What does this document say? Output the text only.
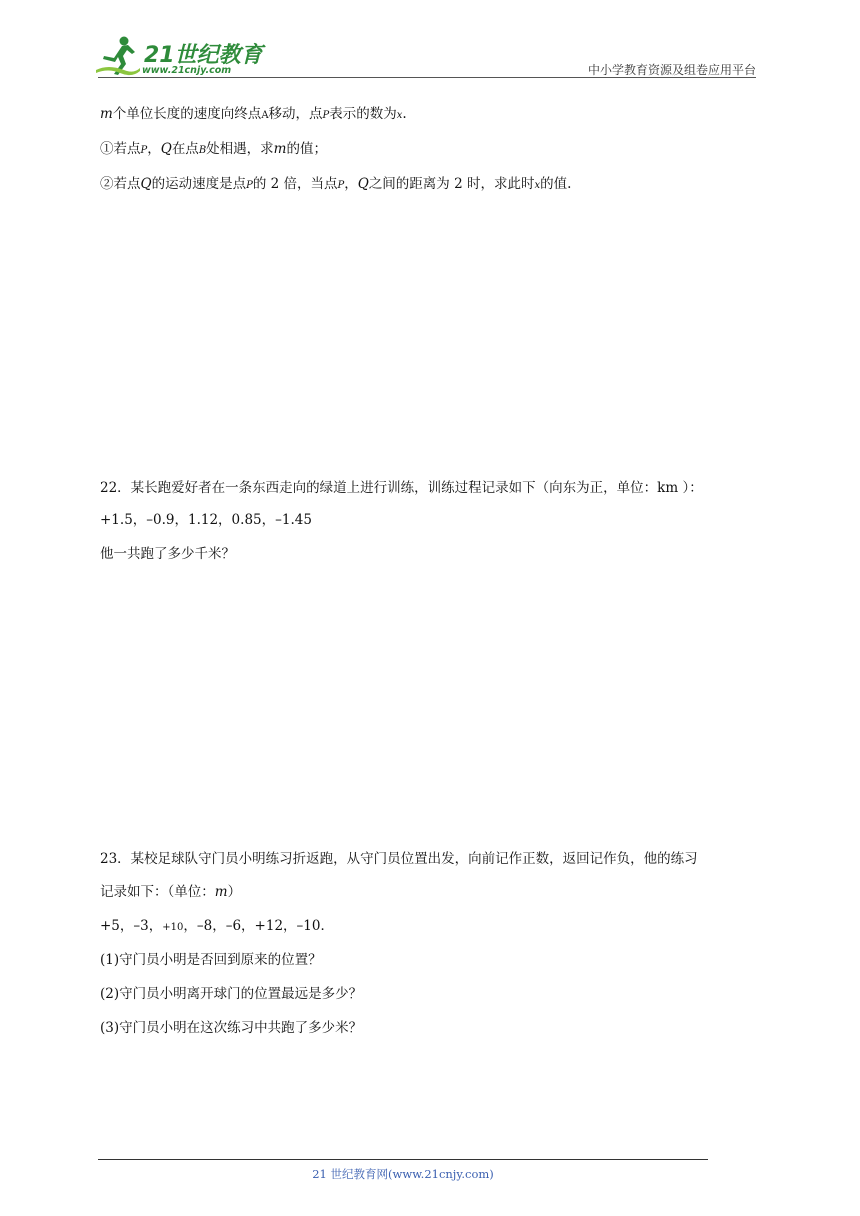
21世纪教育
www.21cnjy.com	中小学教育资源及组卷应用平台
m个单位长度的速度向终点A移动，点P表示的数为x.
①若点P，Q在点B处相遇，求m的值；
②若点Q的运动速度是点P的 2 倍，当点P，Q之间的距离为 2 时，求此时x的值.
22．某长跑爱好者在一条东西走向的绿道上进行训练，训练过程记录如下（向东为正，单位：km ）：
+1.5，–0.9，1.12，0.85，–1.45
他一共跑了多少千米？
23．某校足球队守门员小明练习折返跑，从守门员位置出发，向前记作正数，返回记作负，他的练习
记录如下：（单位：m）
+5，–3，+10，–8，–6，+12，–10．
(1)守门员小明是否回到原来的位置？
(2)守门员小明离开球门的位置最远是多少？
(3)守门员小明在这次练习中共跑了多少米？
21 世纪教育网(www.21cnjy.com)
